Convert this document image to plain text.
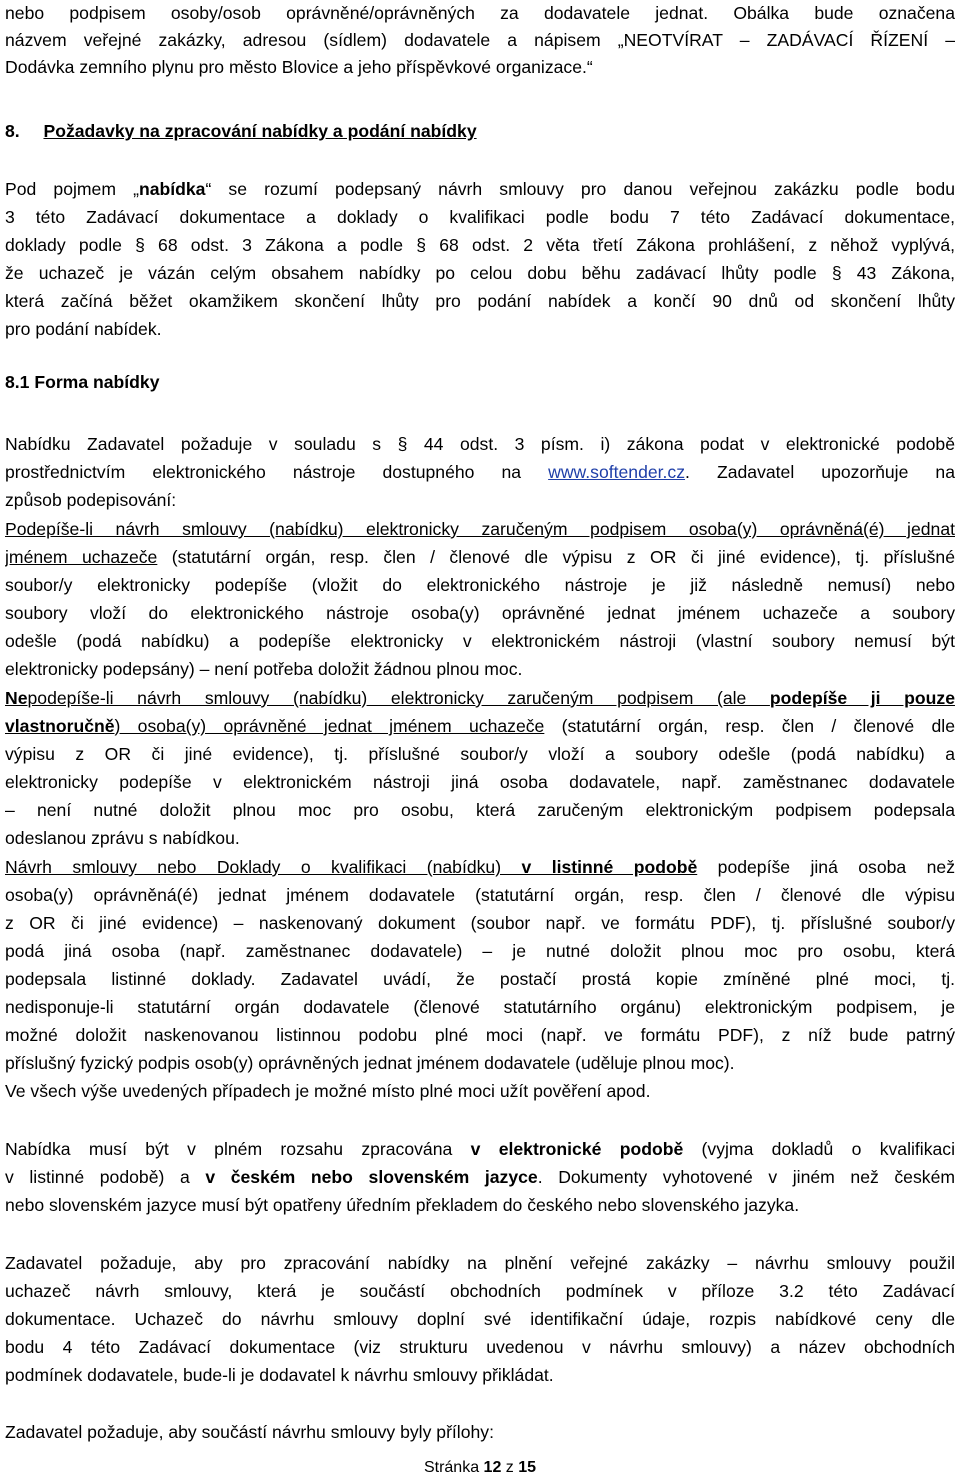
nebo podpisem osoby/osob oprávněné/oprávněných za dodavatele jednat. Obálka bude označena
názvem veřejné zakázky, adresou (sídlem) dodavatele a nápisem „NEOTVÍRAT – ZADÁVACÍ ŘÍZENÍ –
Dodávka zemního plynu pro město Blovice a jeho příspěvkové organizace.“
8. Požadavky na zpracování nabídky a podání nabídky
Pod pojmem „nabídka“ se rozumí podepsaný návrh smlouvy pro danou veřejnou zakázku podle bodu
3 této Zadávací dokumentace a doklady o kvalifikaci podle bodu 7 této Zadávací dokumentace,
doklady podle § 68 odst. 3 Zákona a podle § 68 odst. 2 věta třetí Zákona prohlášení, z něhož vyplývá,
že uchazeč je vázán celým obsahem nabídky po celou dobu běhu zadávací lhůty podle § 43 Zákona,
která začíná běžet okamžikem skončení lhůty pro podání nabídek a končí 90 dnů od skončení lhůty
pro podání nabídek.
8.1 Forma nabídky
Nabídku Zadavatel požaduje v souladu s § 44 odst. 3 písm. i) zákona podat v elektronické podobě
prostřednictvím elektronického nástroje dostupného na www.softender.cz. Zadavatel upozorňuje na
způsob podepisování:
Podepíše-li návrh smlouvy (nabídku) elektronicky zaručeným podpisem osoba(y) oprávněná(é) jednat
jménem uchazeče (statutární orgán, resp. člen / členové dle výpisu z OR či jiné evidence), tj. příslušné
soubor/y elektronicky podepíše (vložit do elektronického nástroje je již následně nemusí) nebo
soubory vloží do elektronického nástroje osoba(y) oprávněné jednat jménem uchazeče a soubory
odešle (podá nabídku) a podepíše elektronicky v elektronickém nástroji (vlastní soubory nemusí být
elektronicky podepsány) – není potřeba doložit žádnou plnou moc.
Nepodepíše-li návrh smlouvy (nabídku) elektronicky zaručeným podpisem (ale podepíše ji pouze
vlastnoručně) osoba(y) oprávněné jednat jménem uchazeče (statutární orgán, resp. člen / členové dle
výpisu z OR či jiné evidence), tj. příslušné soubor/y vloží a soubory odešle (podá nabídku) a
elektronicky podepíše v elektronickém nástroji jiná osoba dodavatele, např. zaměstnanec dodavatele
– není nutné doložit plnou moc pro osobu, která zaručeným elektronickým podpisem podepsala
odeslanou zprávu s nabídkou.
Návrh smlouvy nebo Doklady o kvalifikaci (nabídku) v listinné podobě podepíše jiná osoba než
osoba(y) oprávněná(é) jednat jménem dodavatele (statutární orgán, resp. člen / členové dle výpisu
z OR či jiné evidence) – naskenovaný dokument (soubor např. ve formátu PDF), tj. příslušné soubor/y
podá jiná osoba (např. zaměstnanec dodavatele) – je nutné doložit plnou moc pro osobu, která
podepsala listinné doklady. Zadavatel uvádí, že postačí prostá kopie zmíněné plné moci, tj.
nedisponuje-li statutární orgán dodavatele (členové statutárního orgánu) elektronickým podpisem, je
možné doložit naskenovanou listinnou podobu plné moci (např. ve formátu PDF), z níž bude patrný
příslušný fyzický podpis osob(y) oprávněných jednat jménem dodavatele (uděluje plnou moc).
Ve všech výše uvedených případech je možné místo plné moci užít pověření apod.
Nabídka musí být v plném rozsahu zpracována v elektronické podobě (vyjma dokladů o kvalifikaci
v listinné podobě) a v českém nebo slovenském jazyce. Dokumenty vyhotovené v jiném než českém
nebo slovenském jazyce musí být opatřeny úředním překladem do českého nebo slovenského jazyka.
Zadavatel požaduje, aby pro zpracování nabídky na plnění veřejné zakázky – návrhu smlouvy použil
uchazeč návrh smlouvy, která je součástí obchodních podmínek v příloze 3.2 této Zadávací
dokumentace. Uchazeč do návrhu smlouvy doplní své identifikační údaje, rozpis nabídkové ceny dle
bodu 4 této Zadávací dokumentace (viz strukturu uvedenou v návrhu smlouvy) a název obchodních
podmínek dodavatele, bude-li je dodavatel k návrhu smlouvy přikládat.
Zadavatel požaduje, aby součástí návrhu smlouvy byly přílohy:
Stránka 12 z 15
